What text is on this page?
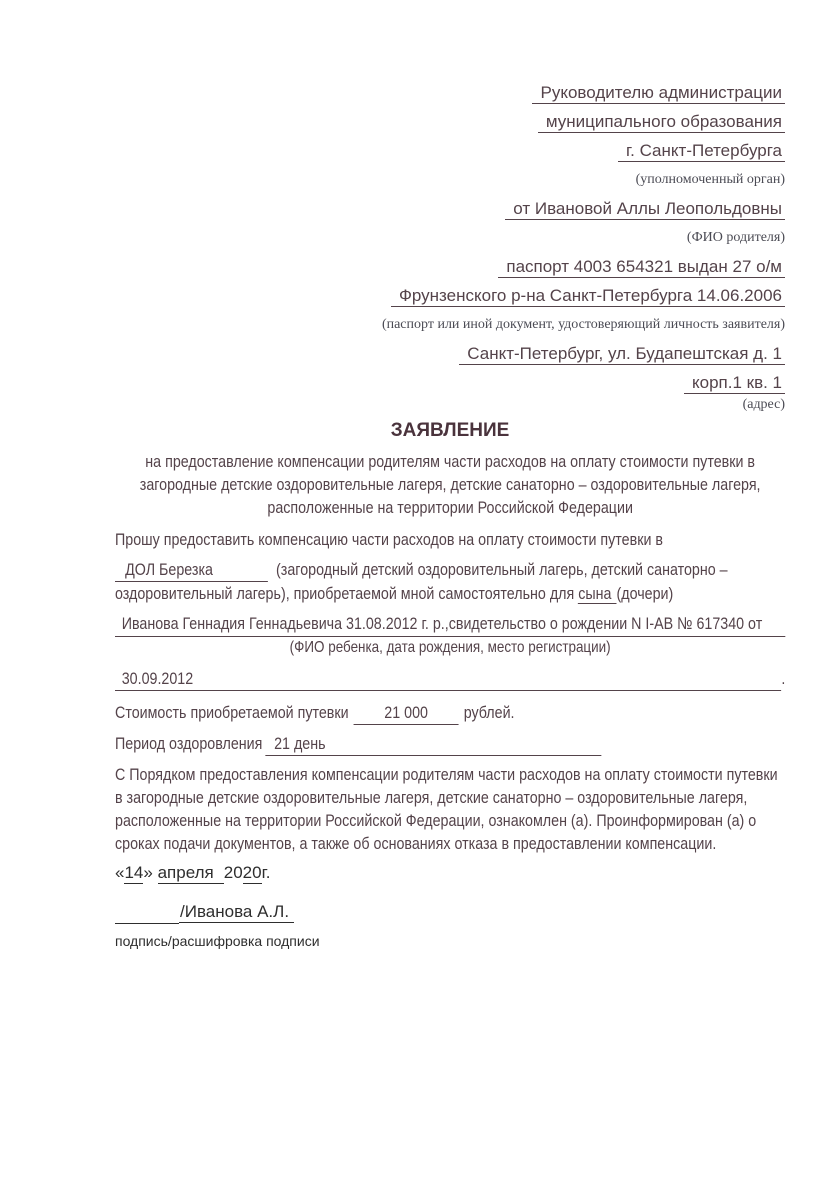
Руководителю администрации
муниципального образования
г. Санкт-Петербурга
(уполномоченный орган)
от Ивановой Аллы Леопольдовны
(ФИО родителя)
паспорт 4003 654321 выдан 27 о/м
Фрунзенского р-на Санкт-Петербурга 14.06.2006
(паспорт или иной документ, удостоверяющий личность заявителя)
Санкт-Петербург, ул. Будапештская д. 1
корп.1 кв. 1
(адрес)
ЗАЯВЛЕНИЕ
на предоставление компенсации родителям части расходов на оплату стоимости путевки в
загородные детские оздоровительные лагеря, детские санаторно – оздоровительные лагеря,
расположенные на территории Российской Федерации
Прошу предоставить компенсацию части расходов на оплату стоимости путевки в
ДОЛ Березка	(загородный детский оздоровительный лагерь, детский санаторно –
оздоровительный лагерь), приобретаемой мной самостоятельно для сына (дочери)
Иванова Геннадия Геннадьевича 31.08.2012 г. р.,свидетельство о рождении N I-АВ № 617340 от
(ФИО ребенка, дата рождения, место регистрации)
30.09.2012	.
Стоимость приобретаемой путевки 21 000 рублей.
Период оздоровления 21 день
С Порядком предоставления компенсации родителям части расходов на оплату стоимости путевки
в загородные детские оздоровительные лагеря, детские санаторно – оздоровительные лагеря,
расположенные на территории Российской Федерации, ознакомлен (а). Проинформирован (а) о
сроках подачи документов, а также об основаниях отказа в предоставлении компенсации.
«14» апреля 2020г.
/Иванова А.Л.
подпись/расшифровка подписи
